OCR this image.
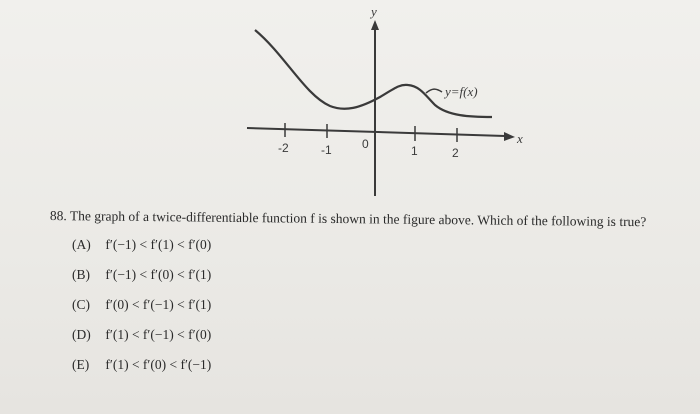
y
x
-2	-1	0	1	2
y=f(x)
88. The graph of a twice-differentiable function f is shown in the figure above. Which of the following is true?
(A) f′(−1) < f′(1) < f′(0)
(B) f′(−1) < f′(0) < f′(1)
(C) f′(0) < f′(−1) < f′(1)
(D) f′(1) < f′(−1) < f′(0)
(E) f′(1) < f′(0) < f′(−1)
